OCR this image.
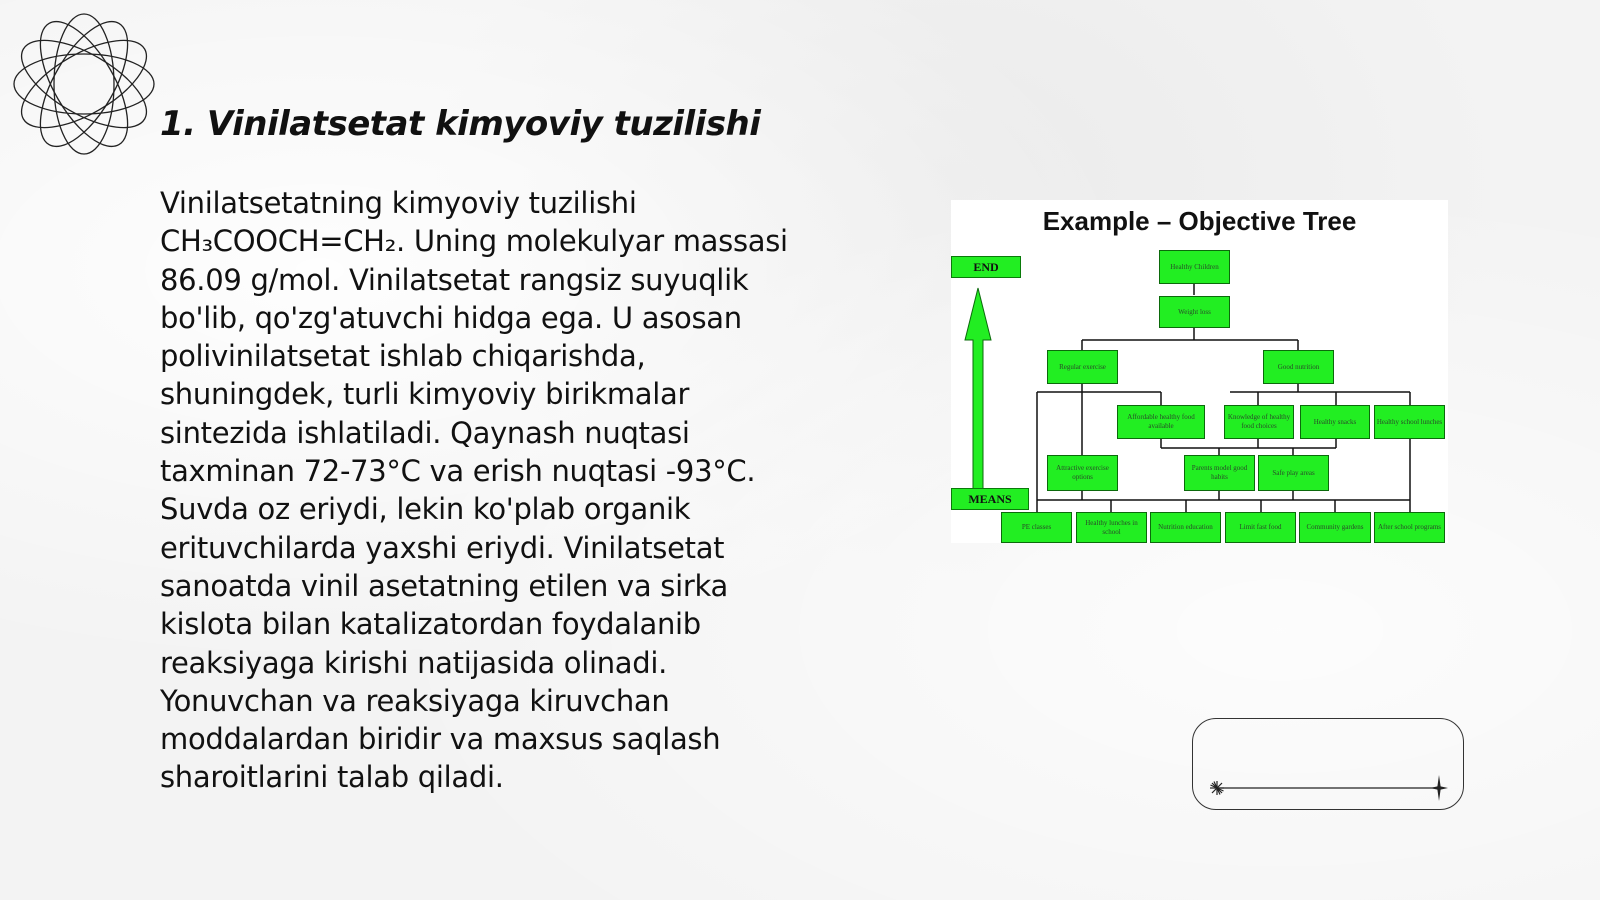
1. Vinilatsetat kimyoviy tuzilishi

Vinilatsetatning kimyoviy tuzilishi
CH₃COOCH=CH₂. Uning molekulyar massasi
86.09 g/mol. Vinilatsetat rangsiz suyuqlik
bo'lib, qo'zg'atuvchi hidga ega. U asosan
polivinilatsetat ishlab chiqarishda,
shuningdek, turli kimyoviy birikmalar
sintezida ishlatiladi. Qaynash nuqtasi
taxminan 72-73°C va erish nuqtasi -93°C.
Suvda oz eriydi, lekin ko'plab organik
erituvchilarda yaxshi eriydi. Vinilatsetat
sanoatda vinil asetatning etilen va sirka
kislota bilan katalizatordan foydalanib
reaksiyaga kirishi natijasida olinadi.
Yonuvchan va reaksiyaga kiruvchan
moddalardan biridir va maxsus saqlash
sharoitlarini talab qiladi.

Example – Objective Tree
END
MEANS
Healthy Children
Weight loss
Regular exercise	Good nutrition
Affordable healthy food available
Knowledge of healthy food choices
Healthy snacks	Healthy school lunches
Attractive exercise options
Parents model good habits
Safe play areas
PE classes
Healthy lunches in school
Nutrition education	Limit fast food	Community gardens	After school programs
